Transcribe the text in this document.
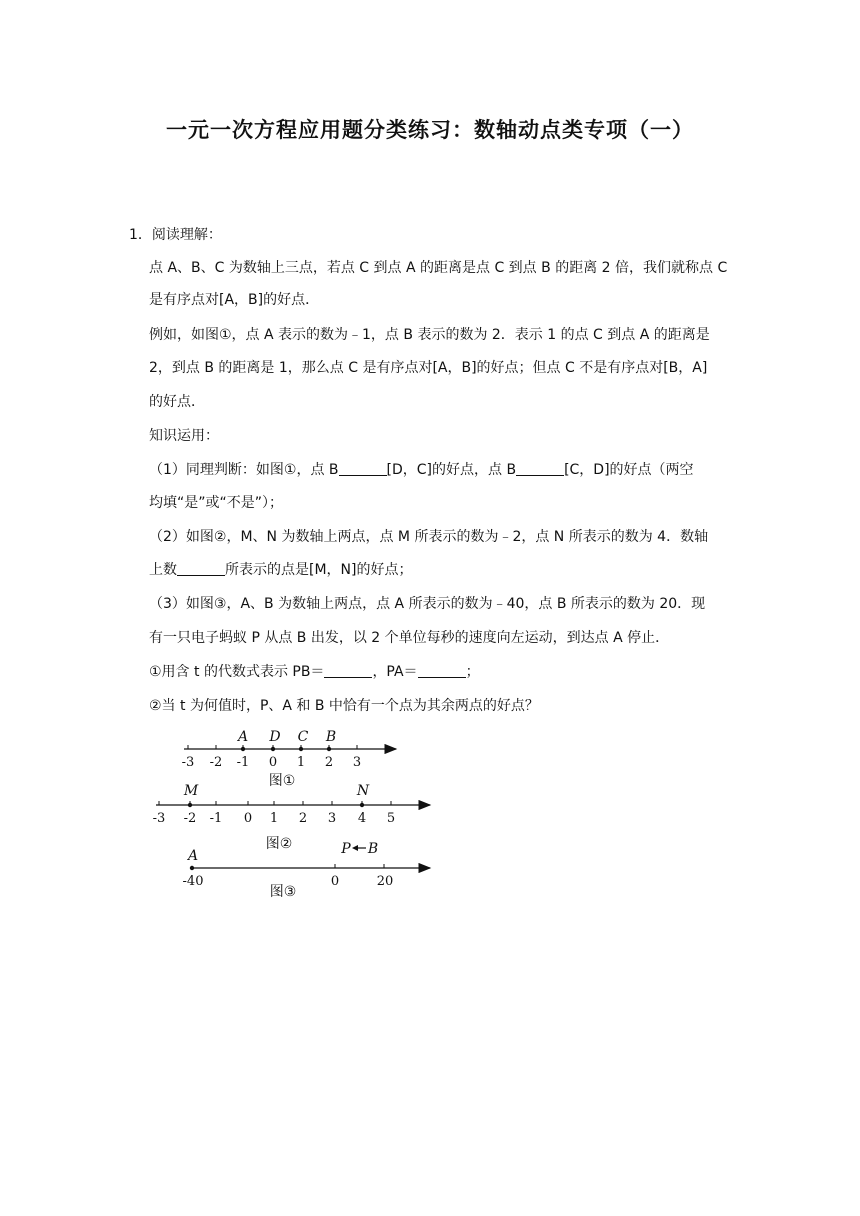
一元一次方程应用题分类练习：数轴动点类专项（一）
1．阅读理解：
点 A、B、C 为数轴上三点，若点 C 到点 A 的距离是点 C 到点 B 的距离 2 倍，我们就称点 C
是有序点对[A，B]的好点．
例如，如图①，点 A 表示的数为﹣1，点 B 表示的数为 2．表示 1 的点 C 到点 A 的距离是
2，到点 B 的距离是 1，那么点 C 是有序点对[A，B]的好点；但点 C 不是有序点对[B，A]
的好点．
知识运用：
（1）同理判断：如图①，点 B	[D，C]的好点，点 B	[C，D]的好点（两空
均填“是”或“不是”）；
（2）如图②，M、N 为数轴上两点，点 M 所表示的数为﹣2，点 N 所表示的数为 4．数轴
上数	所表示的点是[M，N]的好点；
（3）如图③，A、B 为数轴上两点，点 A 所表示的数为﹣40，点 B 所表示的数为 20．现
有一只电子蚂蚁 P 从点 B 出发，以 2 个单位每秒的速度向左运动，到达点 A 停止．
①用含 t 的代数式表示 PB＝	，PA＝	；
②当 t 为何值时，P、A 和 B 中恰有一个点为其余两点的好点？
-3 -2 -1 0 1 2 3
A D C B
图①
-3 -2 -1 0 1 2 3 4 5
M	N
图②
-40	0	20
A	P B
图③
